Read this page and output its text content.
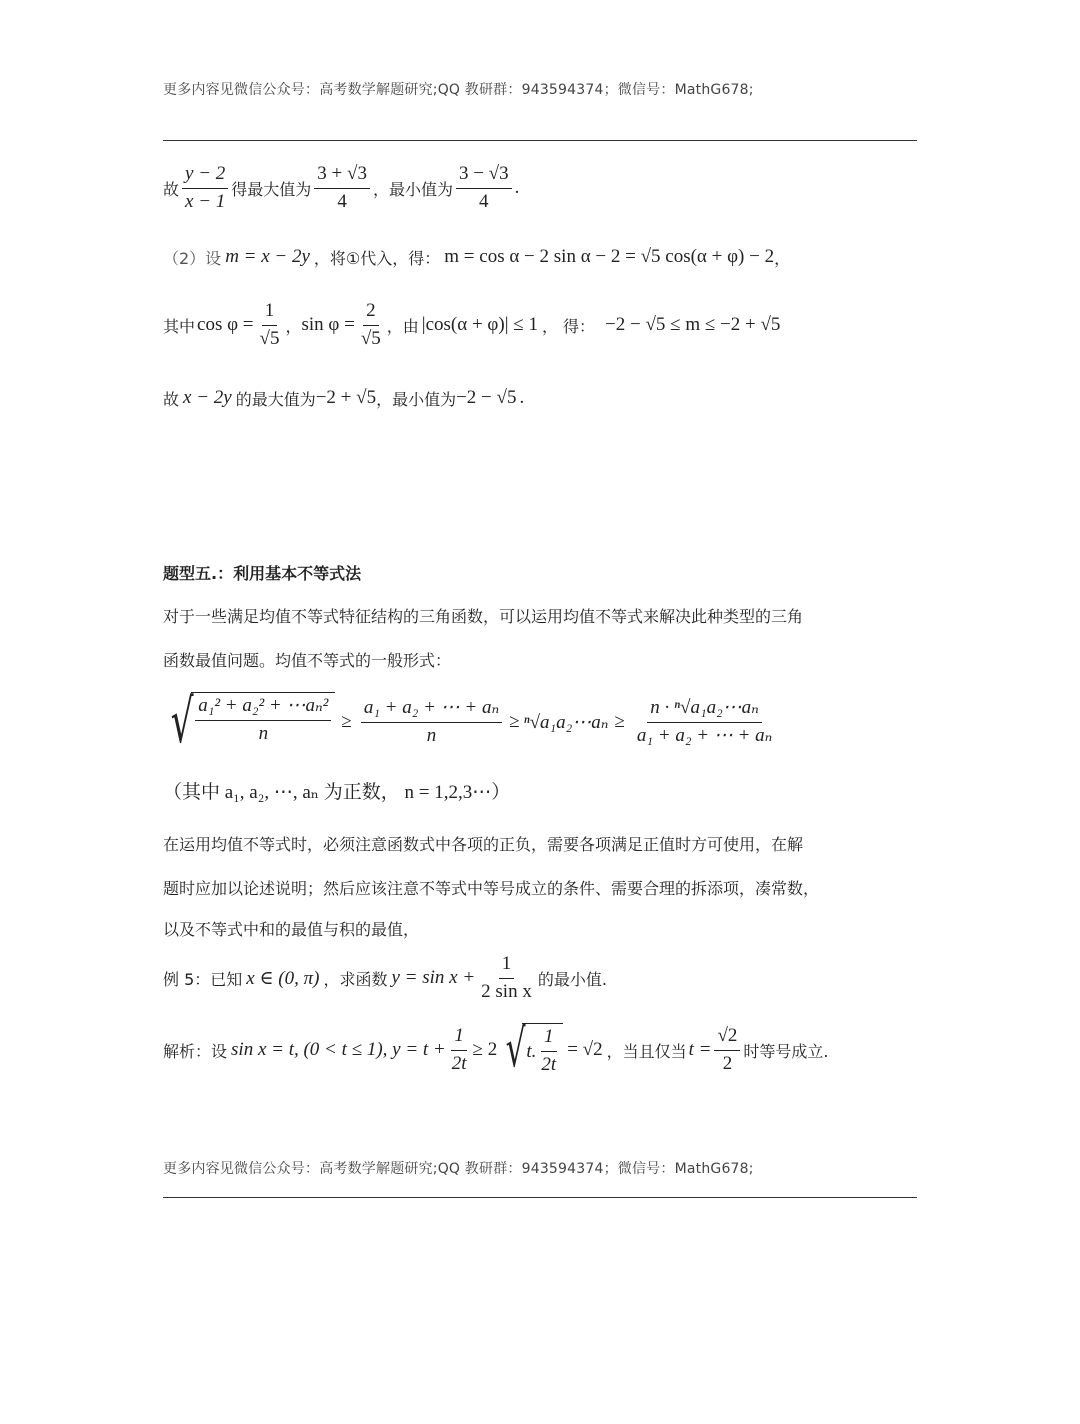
更多内容见微信公众号：高考数学解题研究;QQ 教研群：943594374；微信号：MathG678;
故 $\frac{y - 2}{x - 1}$ 得最大值为 $\frac{3 + √3}{4}$ ，最小值为 $\frac{3 - √3}{4}$ .
（2）设 m = x − 2y ，将①代入，得： m = cos α − 2 sin α − 2 = √5 cos(α + φ) − 2 ，
其中 $\cos \varphi = \frac{1}{√5}$ ， $\sin \varphi = \frac{2}{√5}$ ，由 |cos(α + φ)| ≤ 1 ， 得： −2 − √5 ≤ m ≤ −2 + √5
故 x − 2y 的最大值为 −2 + √5 ，最小值为 −2 − √5 .
题型五.：利用基本不等式法
对于一些满足均值不等式特征结构的三角函数，可以运用均值不等式来解决此种类型的三角
函数最值问题。均值不等式的一般形式：
√ $\frac{\text{a₁² + a₂² + ⋯aₙ²}}{n} \ge \frac{\text{a₁ + a₂ + ⋯ + aₙ}}{n}$ ≥ ⁿ√a₁a₂⋯aₙ ≥ $\frac{\text{n · ⁿ√a₁a₂⋯aₙ}}{\text{a₁ + a₂ + ⋯ + aₙ}}$
（其中 a₁, a₂, ⋯, aₙ 为正数， n = 1,2,3⋯）
在运用均值不等式时，必须注意函数式中各项的正负，需要各项满足正值时方可使用，在解
题时应加以论述说明；然后应该注意不等式中等号成立的条件、需要合理的拆添项，凑常数，
以及不等式中和的最值与积的最值，
例 5：已知 x ∈ (0, π) ，求函数 $y = \sin x + \frac{1}{\text{2 sin x}}$ 的最小值.
解析：设 sin x = t, (0 < t ≤ 1), $y = t + \frac{1}{2t} \ge 2$ √ t. $\frac{1}{2t} = √2$ ，当且仅当 $t = \frac{√2}{2}$ 时等号成立.
更多内容见微信公众号：高考数学解题研究;QQ 教研群：943594374；微信号：MathG678;
